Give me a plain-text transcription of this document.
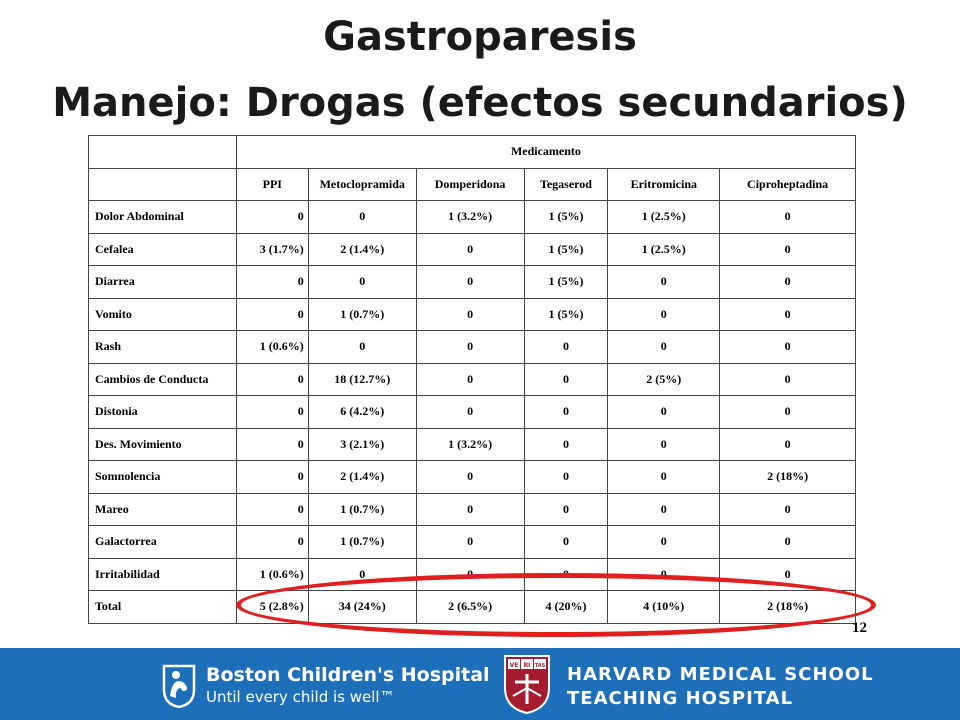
Gastroparesis
Manejo: Drogas (efectos secundarios)
	Medicamento					
	PPI	Metoclopramida	Domperidona	Tegaserod	Eritromicina	Ciproheptadina
Dolor Abdominal	0	0	1 (3.2%)	1 (5%)	1 (2.5%)	0
Cefalea	3 (1.7%)	2 (1.4%)	0	1 (5%)	1 (2.5%)	0
Diarrea	0	0	0	1 (5%)	0	0
Vomito	0	1 (0.7%)	0	1 (5%)	0	0
Rash	1 (0.6%)	0	0	0	0	0
Cambios de Conducta	0	18 (12.7%)	0	0	2 (5%)	0
Distonia	0	6 (4.2%)	0	0	0	0
Des. Movimiento	0	3 (2.1%)	1 (3.2%)	0	0	0
Somnolencia	0	2 (1.4%)	0	0	0	2 (18%)
Mareo	0	1 (0.7%)	0	0	0	0
Galactorrea	0	1 (0.7%)	0	0	0	0
Irritabilidad	1 (0.6%)	0	0	0	0	0
Total	5 (2.8%)	34 (24%)	2 (6.5%)	4 (20%)	4 (10%)	2 (18%)
12
Boston Children's Hospital
Until every child is well™
VE RI TAS HARVARD MEDICAL SCHOOL
TEACHING HOSPITAL
